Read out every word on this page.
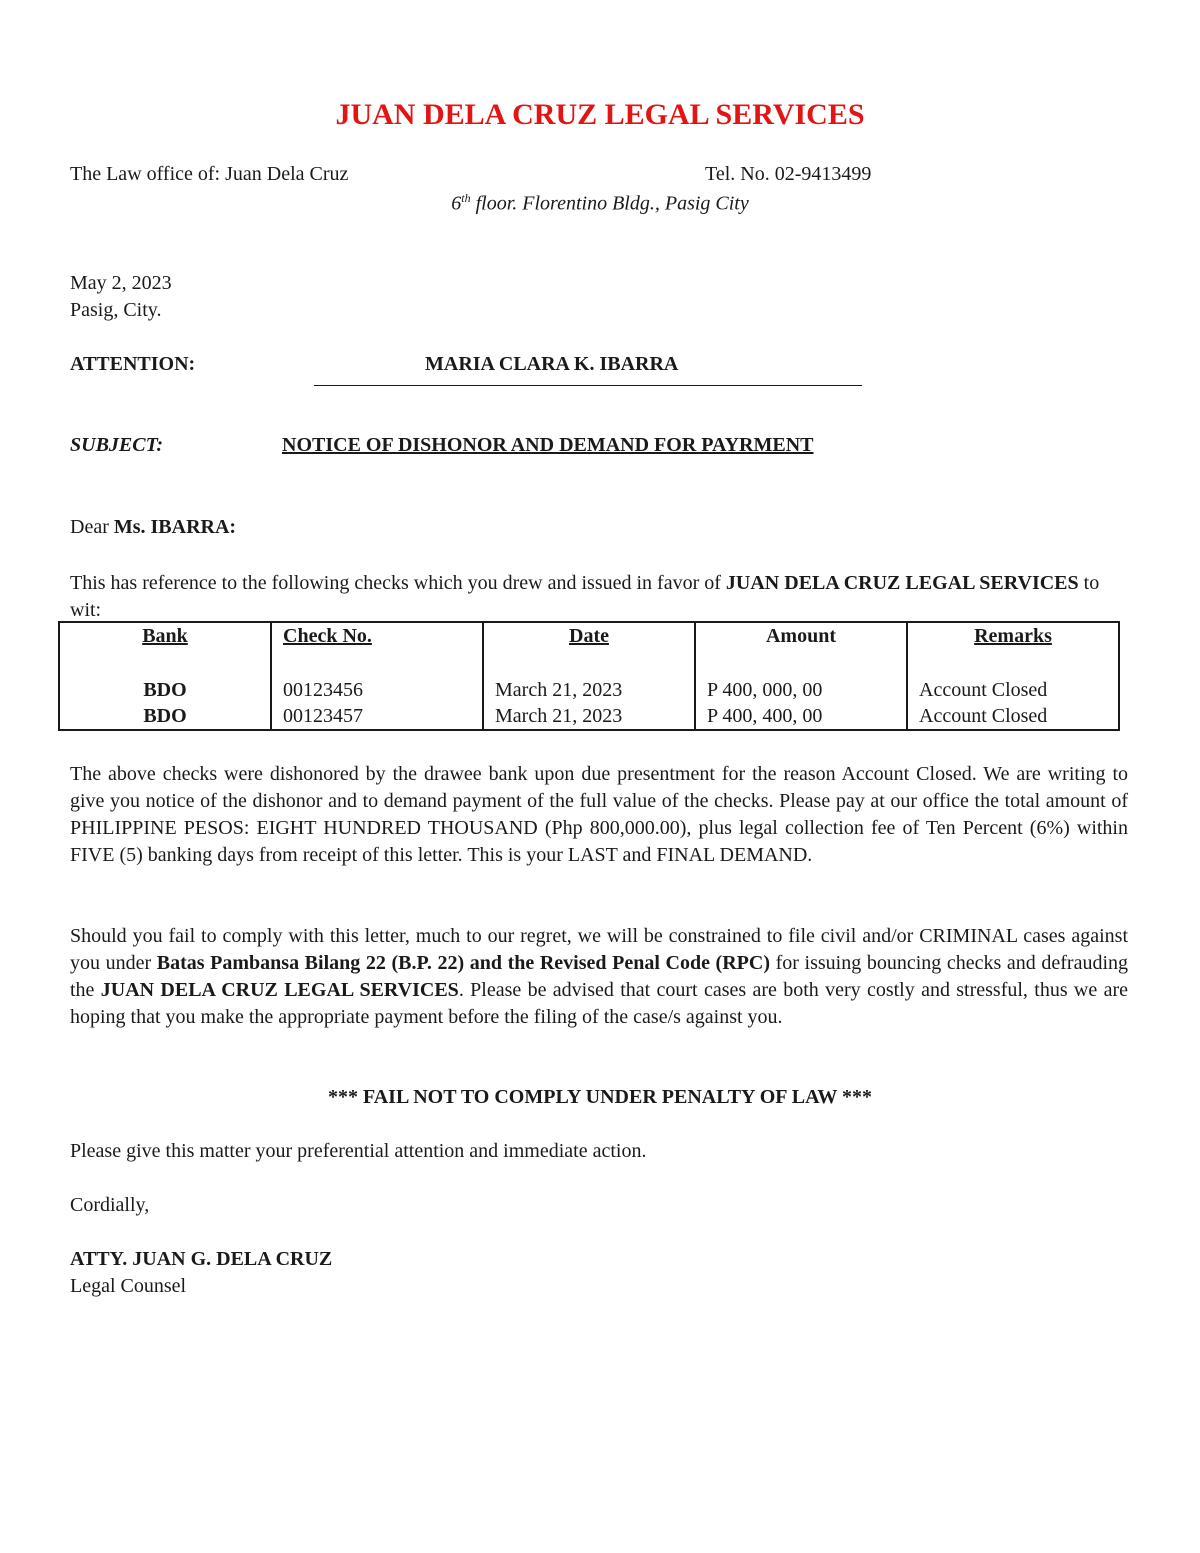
JUAN DELA CRUZ LEGAL SERVICES
The Law office of: Juan Dela Cruz	Tel. No. 02-9413499
6th floor. Florentino Bldg., Pasig City
May 2, 2023
Pasig, City.
ATTENTION:	MARIA CLARA K. IBARRA
SUBJECT:	NOTICE OF DISHONOR AND DEMAND FOR PAYRMENT
Dear Ms. IBARRA:
This has reference to the following checks which you drew and issued in favor of JUAN DELA CRUZ LEGAL SERVICES to wit:
Bank	Check No.	Date	Amount	Remarks
BDO	00123456	March 21, 2023	P 400, 000, 00	Account Closed
BDO	00123457	March 21, 2023	P 400, 400, 00	Account Closed
The above checks were dishonored by the drawee bank upon due presentment for the reason Account Closed. We are writing to give you notice of the dishonor and to demand payment of the full value of the checks. Please pay at our office the total amount of PHILIPPINE PESOS: EIGHT HUNDRED THOUSAND (Php 800,000.00), plus legal collection fee of Ten Percent (6%) within FIVE (5) banking days from receipt of this letter. This is your LAST and FINAL DEMAND.
Should you fail to comply with this letter, much to our regret, we will be constrained to file civil and/or CRIMINAL cases against you under Batas Pambansa Bilang 22 (B.P. 22) and the Revised Penal Code (RPC) for issuing bouncing checks and defrauding the JUAN DELA CRUZ LEGAL SERVICES. Please be advised that court cases are both very costly and stressful, thus we are hoping that you make the appropriate payment before the filing of the case/s against you.
*** FAIL NOT TO COMPLY UNDER PENALTY OF LAW ***
Please give this matter your preferential attention and immediate action.
Cordially,
ATTY. JUAN G. DELA CRUZ
Legal Counsel
